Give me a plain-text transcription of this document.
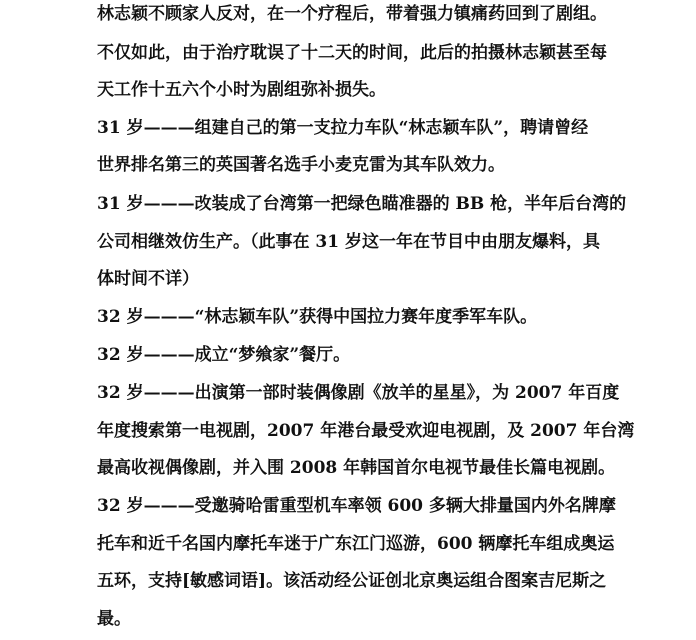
林志颖不顾家人反对，在一个疗程后，带着强力镇痛药回到了剧组。
不仅如此，由于治疗耽误了十二天的时间，此后的拍摄林志颖甚至每
天工作十五六个小时为剧组弥补损失。
31 岁———组建自己的第一支拉力车队“林志颖车队”，聘请曾经
世界排名第三的英国著名选手小麦克雷为其车队效力。
31 岁———改装成了台湾第一把绿色瞄准器的 BB 枪，半年后台湾的
公司相继效仿生产。（此事在 31 岁这一年在节目中由朋友爆料，具
体时间不详）
32 岁———“林志颖车队”获得中国拉力赛年度季军车队。
32 岁———成立“梦飨家”餐厅。
32 岁———出演第一部时装偶像剧《放羊的星星》，为 2007 年百度
年度搜索第一电视剧，2007 年港台最受欢迎电视剧，及 2007 年台湾
最高收视偶像剧，并入围 2008 年韩国首尔电视节最佳长篇电视剧。
32 岁———受邀骑哈雷重型机车率领 600 多辆大排量国内外名牌摩
托车和近千名国内摩托车迷于广东江门巡游，600 辆摩托车组成奥运
五环，支持[敏感词语]。该活动经公证创北京奥运组合图案吉尼斯之
最。
